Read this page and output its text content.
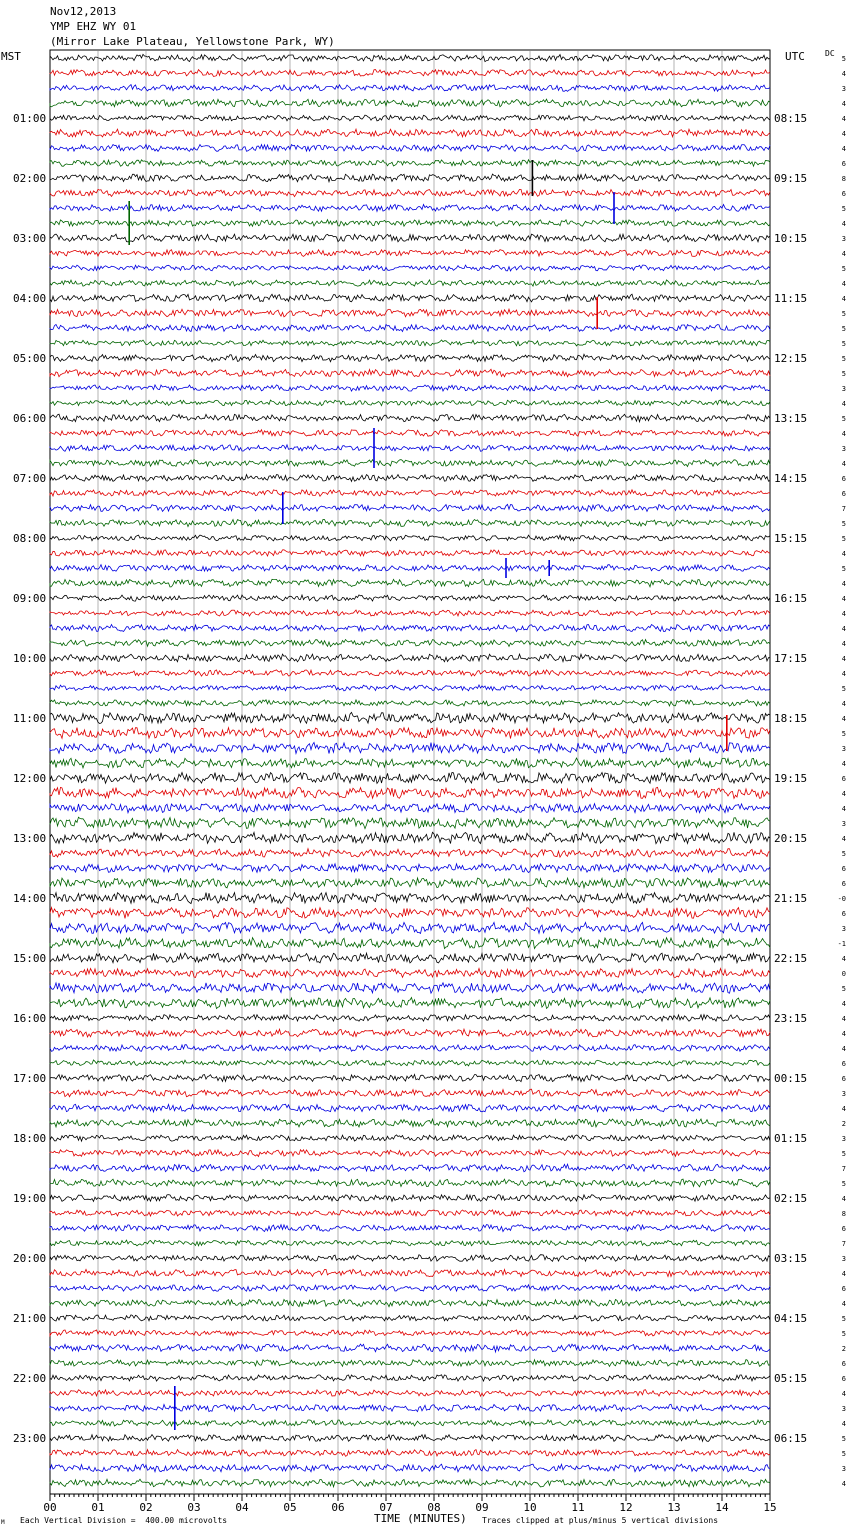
Nov12,2013
YMP EHZ WY 01
(Mirror Lake Plateau, Yellowstone Park, WY)
MST	UTC	DC
01:00	08:15
02:00	09:15
03:00	10:15
04:00	11:15
05:00	12:15
06:00	13:15
07:00	14:15
08:00	15:15
09:00	16:15
10:00	17:15
11:00	18:15
12:00	19:15
13:00	20:15
14:00	21:15
15:00	22:15
16:00	23:15
17:00	00:15
18:00	01:15
19:00	02:15
20:00	03:15
21:00	04:15
22:00	05:15
23:00	06:15
5
4
3
4
4
4
4
6
8
6
5
4
3
4
5
4
4
5
5
5
5
5
3
4
5
4
3
4
6
6
7
5
5
4
5
4
4
4
4
4
4
4
5
4
4
5
3
4
6
4
4
3
4
5
6
6
-0
6
3
-1
4
0
5
4
4
4
4
6
6
3
4
2
3
5
7
5
4
8
6
7
3
4
6
4
5
5
2
6
6
4
3
4
5
5
3
4
00	01	02	03	04	05	06	07	08	09	10	11	12	13	14	15
TIME (MINUTES)
Each Vertical Division =  400.00 microvolts	Traces clipped at plus/minus 5 vertical divisions
M
